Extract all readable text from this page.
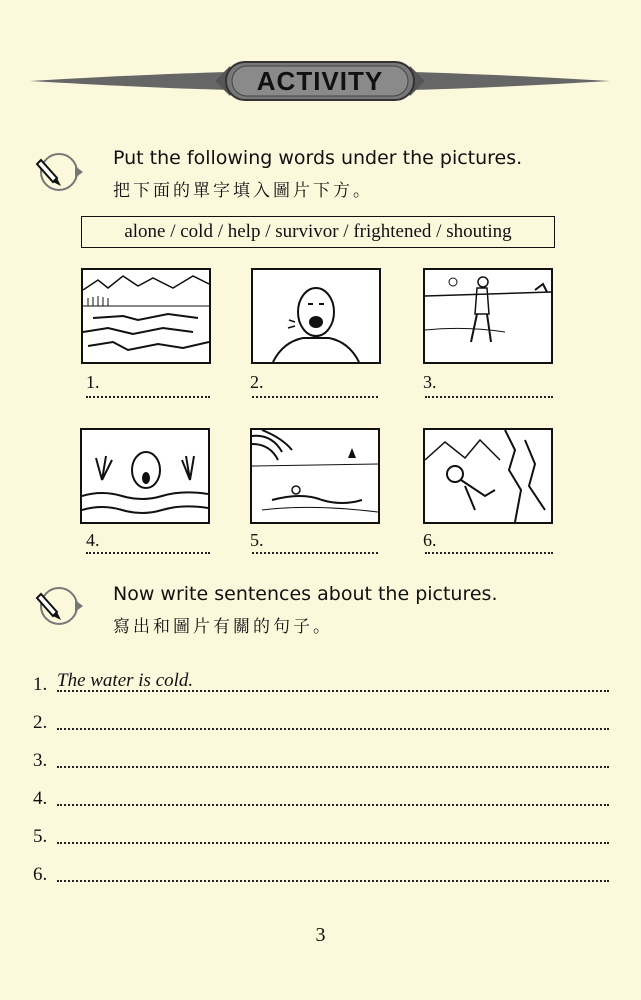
ACTIVITY
Put the following words under the pictures.
把下面的單字填入圖片下方。
alone / cold / help / survivor / frightened / shouting
1.	2.	3.
4.	5.	6.
Now write sentences about the pictures.
寫出和圖片有關的句子。
1. The water is cold.
2.
3.
4.
5.
6.
3
